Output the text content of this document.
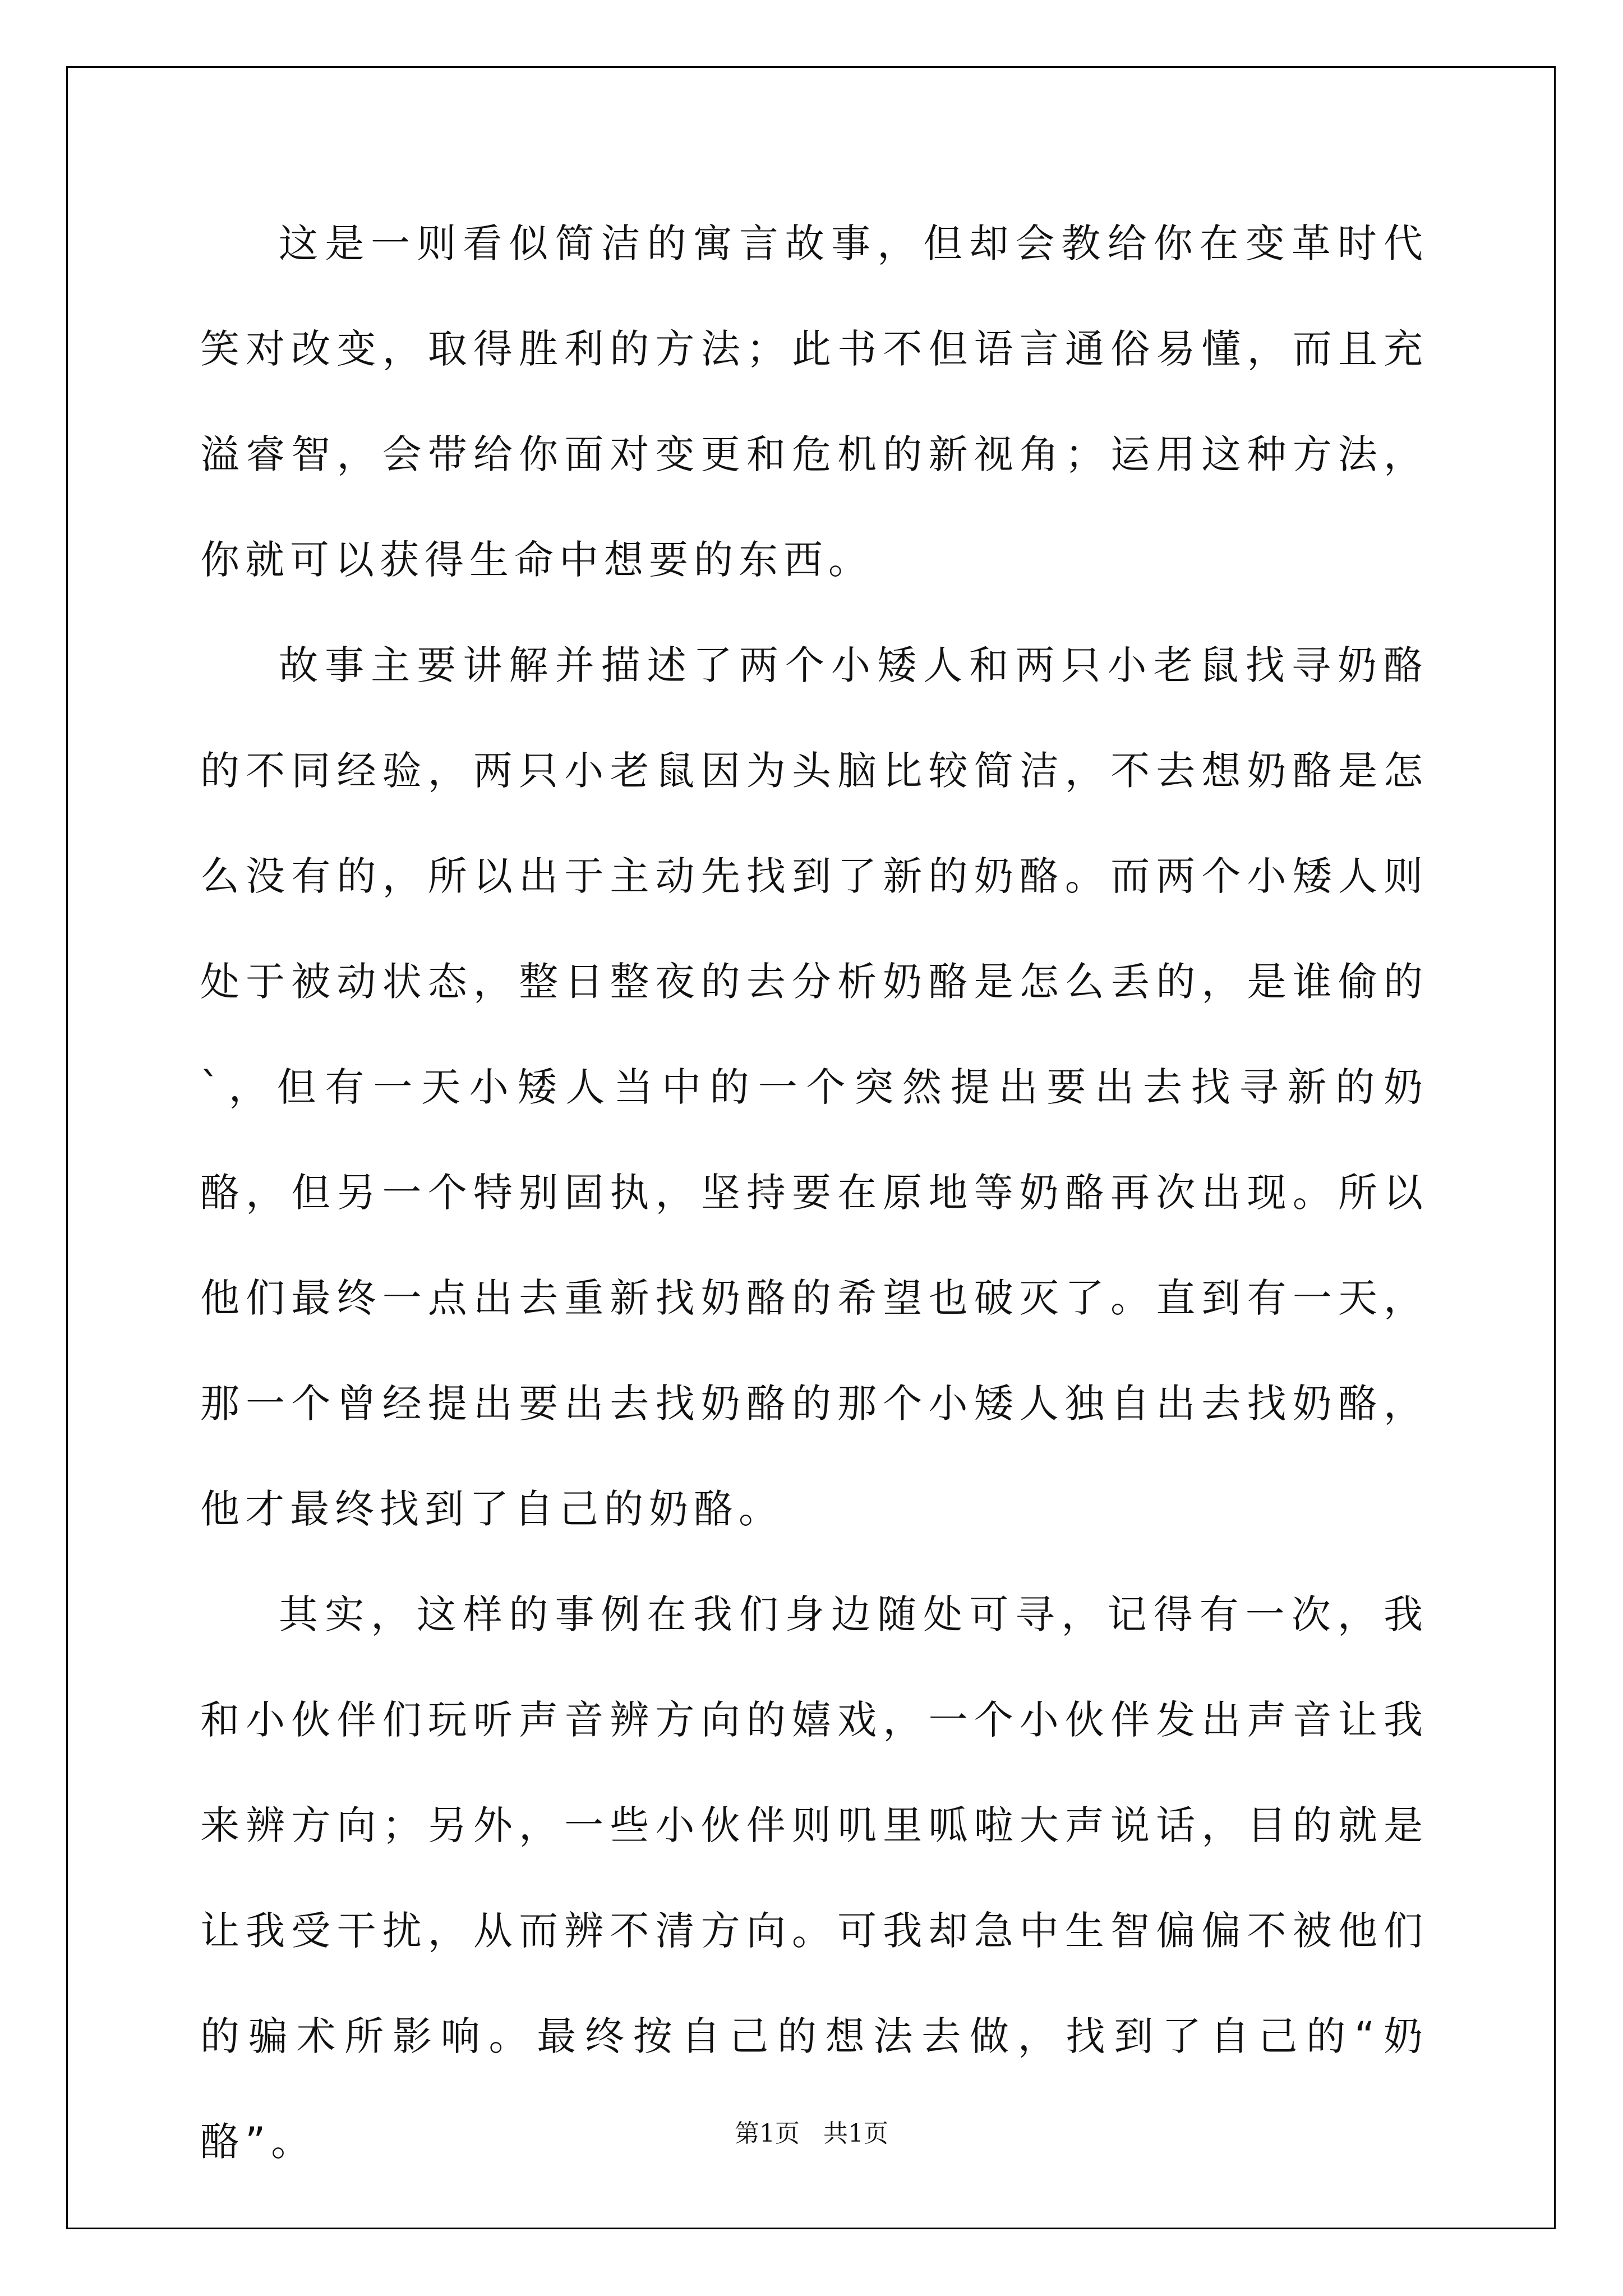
这是一则看似简洁的寓言故事，但却会教给你在变革时代笑对改变，取得胜利的方法；此书不但语言通俗易懂，而且充溢睿智，会带给你面对变更和危机的新视角；运用这种方法，你就可以获得生命中想要的东西。

故事主要讲解并描述了两个小矮人和两只小老鼠找寻奶酪的不同经验，两只小老鼠因为头脑比较简洁，不去想奶酪是怎么没有的，所以出于主动先找到了新的奶酪。而两个小矮人则处于被动状态，整日整夜的去分析奶酪是怎么丢的，是谁偷的`，但有一天小矮人当中的一个突然提出要出去找寻新的奶酪，但另一个特别固执，坚持要在原地等奶酪再次出现。所以他们最终一点出去重新找奶酪的希望也破灭了。直到有一天，那一个曾经提出要出去找奶酪的那个小矮人独自出去找奶酪，他才最终找到了自己的奶酪。

其实，这样的事例在我们身边随处可寻，记得有一次，我和小伙伴们玩听声音辨方向的嬉戏，一个小伙伴发出声音让我来辨方向；另外，一些小伙伴则叽里呱啦大声说话，目的就是让我受干扰，从而辨不清方向。可我却急中生智偏偏不被他们的骗术所影响。最终按自己的想法去做，找到了自己的“奶酪”。	第1页 共1页
